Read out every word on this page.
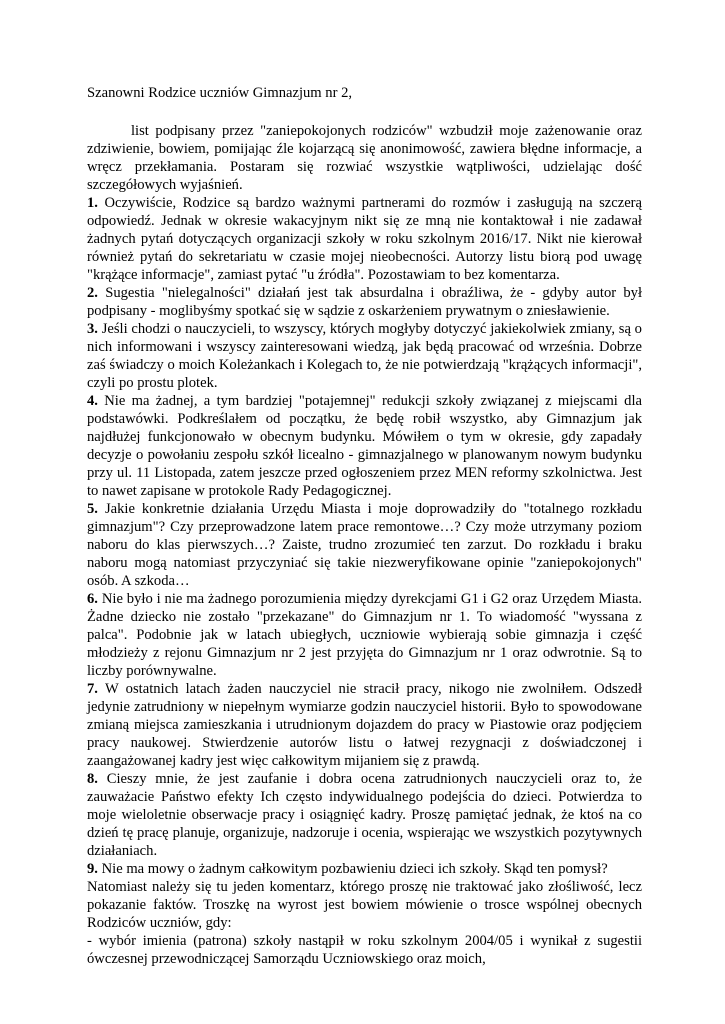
Szanowni Rodzice uczniów Gimnazjum nr 2,

list podpisany przez "zaniepokojonych rodziców" wzbudził moje zażenowanie oraz zdziwienie, bowiem, pomijając źle kojarzącą się anonimowość, zawiera błędne informacje, a wręcz przekłamania. Postaram się rozwiać wszystkie wątpliwości, udzielając dość szczegółowych wyjaśnień.

1. Oczywiście, Rodzice są bardzo ważnymi partnerami do rozmów i zasługują na szczerą odpowiedź. Jednak w okresie wakacyjnym nikt się ze mną nie kontaktował i nie zadawał żadnych pytań dotyczących organizacji szkoły w roku szkolnym 2016/17. Nikt nie kierował również pytań do sekretariatu w czasie mojej nieobecności. Autorzy listu biorą pod uwagę "krążące informacje", zamiast pytać "u źródła". Pozostawiam to bez komentarza.

2. Sugestia "nielegalności" działań jest tak absurdalna i obraźliwa, że - gdyby autor był podpisany - moglibyśmy spotkać się w sądzie z oskarżeniem prywatnym o zniesławienie.

3. Jeśli chodzi o nauczycieli, to wszyscy, których mogłyby dotyczyć jakiekolwiek zmiany, są o nich informowani i wszyscy zainteresowani wiedzą, jak będą pracować od września. Dobrze zaś świadczy o moich Koleżankach i Kolegach to, że nie potwierdzają "krążących informacji", czyli po prostu plotek.

4. Nie ma żadnej, a tym bardziej "potajemnej" redukcji szkoły związanej z miejscami dla podstawówki. Podkreślałem od początku, że będę robił wszystko, aby Gimnazjum jak najdłużej funkcjonowało w obecnym budynku. Mówiłem o tym w okresie, gdy zapadały decyzje o powołaniu zespołu szkół licealno - gimnazjalnego w planowanym nowym budynku przy ul. 11 Listopada, zatem jeszcze przed ogłoszeniem przez MEN reformy szkolnictwa. Jest to nawet zapisane w protokole Rady Pedagogicznej.

5. Jakie konkretnie działania Urzędu Miasta i moje doprowadziły do "totalnego rozkładu gimnazjum"? Czy przeprowadzone latem prace remontowe…? Czy może utrzymany poziom naboru do klas pierwszych…? Zaiste, trudno zrozumieć ten zarzut. Do rozkładu i braku naboru mogą natomiast przyczyniać się takie niezweryfikowane opinie "zaniepokojonych" osób. A szkoda…

6. Nie było i nie ma żadnego porozumienia między dyrekcjami G1 i G2 oraz Urzędem Miasta. Żadne dziecko nie zostało "przekazane" do Gimnazjum nr 1. To wiadomość "wyssana z palca". Podobnie jak w latach ubiegłych, uczniowie wybierają sobie gimnazja i część młodzieży z rejonu Gimnazjum nr 2 jest przyjęta do Gimnazjum nr 1 oraz odwrotnie. Są to liczby porównywalne.

7. W ostatnich latach żaden nauczyciel nie stracił pracy, nikogo nie zwolniłem. Odszedł jedynie zatrudniony w niepełnym wymiarze godzin nauczyciel historii. Było to spowodowane zmianą miejsca zamieszkania i utrudnionym dojazdem do pracy w Piastowie oraz podjęciem pracy naukowej. Stwierdzenie autorów listu o łatwej rezygnacji z doświadczonej i zaangażowanej kadry jest więc całkowitym mijaniem się z prawdą.

8. Cieszy mnie, że jest zaufanie i dobra ocena zatrudnionych nauczycieli oraz to, że zauważacie Państwo efekty Ich często indywidualnego podejścia do dzieci. Potwierdza to moje wieloletnie obserwacje pracy i osiągnięć kadry. Proszę pamiętać jednak, że ktoś na co dzień tę pracę planuje, organizuje, nadzoruje i ocenia, wspierając we wszystkich pozytywnych działaniach.

9. Nie ma mowy o żadnym całkowitym pozbawieniu dzieci ich szkoły. Skąd ten pomysł?

Natomiast należy się tu jeden komentarz, którego proszę nie traktować jako złośliwość, lecz pokazanie faktów. Troszkę na wyrost jest bowiem mówienie o trosce wspólnej obecnych Rodziców uczniów, gdy:

- wybór imienia (patrona) szkoły nastąpił w roku szkolnym 2004/05 i wynikał z sugestii ówczesnej przewodniczącej Samorządu Uczniowskiego oraz moich,
